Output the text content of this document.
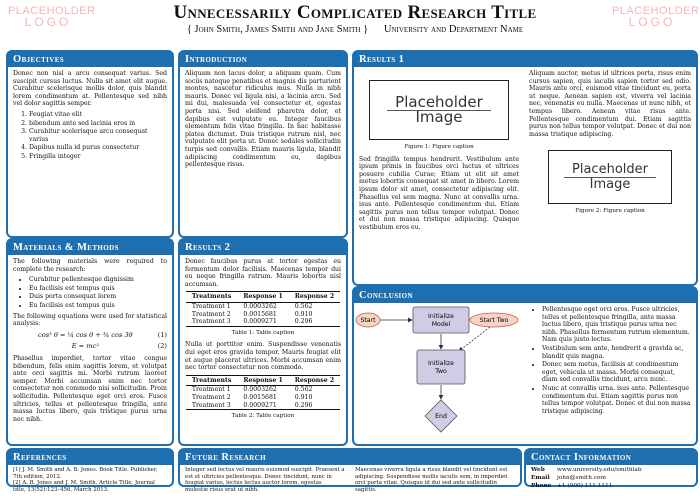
PLACEHOLDER
LOGO
PLACEHOLDER
LOGO
Unnecessarily Complicated Research Title
{ John Smith, James Smith and Jane Smith } University and Department Name
Objectives

Donec non nisl a arcu consequat varius. Sed suscipit cursus luctus. Nulla sit amet elit augue. Curabitur scelerisque mollis dolor, quis blandit lorem condimentum at. Pellentesque sed nibh vel dolor sagittis semper.

1. Feugiat vitae elit
2. bibendum ante sed lacinia eros in
3. Curabitur scelerisque arcu consequat varius
4. Dapibus nulla id purus consectetur
5. Fringilla integer
Materials & Methods

The following materials were required to complete the research:

• Curabitur pellentesque dignissim
• Eu facilisis est tempus quis
• Duis porta consequat lorem
• Eu facilisis est tempus quis

The following equations were used for statistical analysis:

cos³ θ = ¼ cos θ + ¾ cos 3θ	(1)
E = mc²	(2)

Phasellus imperdiet, tortor vitae congue bibendum, felis enim sagittis lorem, et volutpat ante orci sagittis mi. Morbi rutrum laoreet semper. Morbi accumsan enim nec tortor consectetur non commodo nisi sollicitudin. Proin sollicitudin. Pellentesque eget orci eros. Fusce ultricies, tellus et pellentesque fringilla, ante massa luctus libero, quis tristique purus urna nec nibh.

Introduction

Aliquam non lacus dolor, a aliquam quam. Cum sociis natoque penatibus et magnis dis parturient montes, nascetur ridiculus mus. Nulla in nibh mauris. Donec vel ligula nisi, a lacinia arcu. Sed mi dui, malesuada vel consectetur et, egestas porta nisi. Sed eleifend pharetra dolor, et dapibus est vulputate eu. Integer faucibus elementum felis vitae fringilla. In hac habitasse platea dictumst. Duis tristique rutrum nisl, nec vulputate elit porta ut. Donec sodales sollicitudin turpis sed convallis. Etiam mauris ligula, blandit adipiscing condimentum eu, dapibus pellentesque risus.

Results 2

Donec faucibus purus at tortor egestas eu fermentum dolor facilisis. Maecenas tempor dui eu neque fringilla rutrum. Mauris lobortis nisl accumsan.

Treatments	Response 1	Response 2
Treatment 1	0.0003262	0.562
Treatment 2	0.0015681	0.910
Treatment 3	0.0009271	0.296
Table 1: Table caption

Nulla ut porttitor enim. Suspendisse venenatis dui eget eros gravida tempor. Mauris feugiat elit et augue placerat ultrices. Morbi accumsan enim nec tortor consectetur non commodo.

Treatments	Response 1	Response 2
Treatment 1	0.0003262	0.562
Treatment 2	0.0015681	0.910
Treatment 3	0.0009271	0.296
Table 2: Table caption
Results 1
Placeholder
Image
Figure 1: Figure caption

Sed fringilla tempus hendrerit. Vestibulum ante ipsum primis in faucibus orci luctus et ultrices posuere cubilia Curae; Etiam ut elit sit amet metus lobortis consequat sit amet in libero. Lorem ipsum dolor sit amet, consectetur adipiscing elit. Phasellus vel sem magna. Nunc at convallis urna. isus ante. Pellentesque condimentum dui. Etiam sagittis purus non tellus tempor volutpat. Donec et dui non massa tristique adipiscing. Quisque vestibulum eros eu.

Aliquam auctor, metus id ultrices porta, risus enim cursus sapien, quis iaculis sapien tortor sed odio. Mauris ante orci, euismod vitae tincidunt eu, porta ut neque. Aenean sapien est, viverra vel lacinia nec, venenatis eu nulla. Maecenas ut nunc nibh, et tempus libero. Aenean vitae risus ante. Pellentesque condimentum dui. Etiam sagittis purus non tellus tempor volutpat. Donec et dui non massa tristique adipiscing.

Placeholder
Image
Figure 2: Figure caption
Conclusion
Start
Initialize
Model
Start Two
Initialize
Two
End
• Pellentesque eget orci eros. Fusce ultricies, tellus et pellentesque fringilla, ante massa luctus libero, quis tristique purus urna nec nibh. Phasellus fermentum rutrum elementum. Nam quis justo lectus.
• Vestibulum sem ante, hendrerit a gravida ac, blandit quis magna.
• Donec sem metus, facilisis at condimentum eget, vehicula ut massa. Morbi consequat, diam sed convallis tincidunt, arcu nunc.
• Nunc at convallis urna. isus ante. Pellentesque condimentum dui. Etiam sagittis purus non tellus tempor volutpat. Donec et dui non massa tristique adipiscing.
References
[1] J. M. Smith and A. B. Jones. Book Title. Publisher, 7th edition, 2012.
[2] A. B. Jones and J. M. Smith. Article Title. Journal title, 13(52):123–456, March 2013.
Future Research
Integer sed lectus vel mauris euismod suscipit. Praesent a est et ultricies pellentesque. Donec tincidunt, nunc in feugiat varius, lectus lectus auctor lorem, egestas molestie risus erat ut nibh.
Maecenas viverra ligula a risus blandit vel tincidunt est adipiscing. Suspendisse mollis iaculis sem, in imperdiet orci porta vitae. Quisque id dui sed ante sollicitudin sagittis.
Contact Information
Web	www.university.edu/smithlab
Email	john@smith.com
Phone +1 (000) 111 1111
